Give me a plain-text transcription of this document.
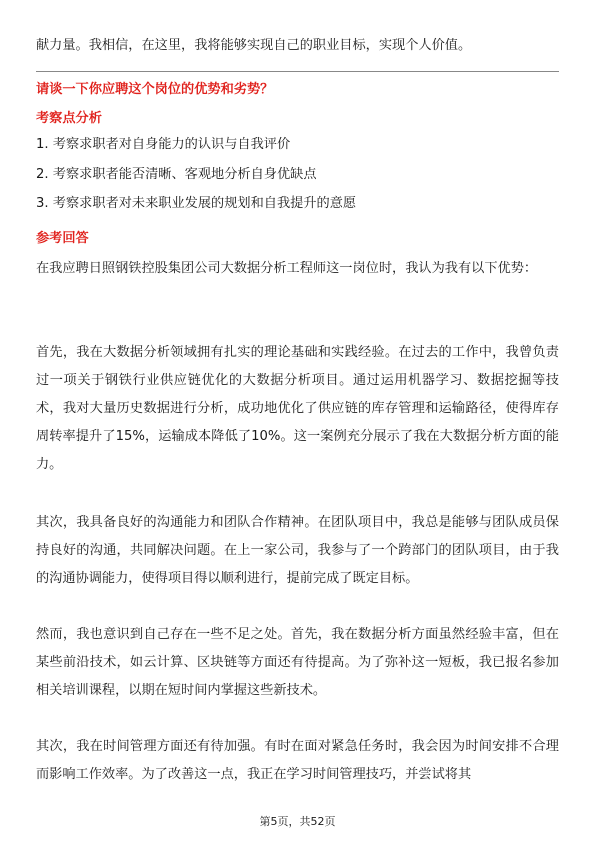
献力量。我相信，在这里，我将能够实现自己的职业目标，实现个人价值。

请谈一下你应聘这个岗位的优势和劣势？

考察点分析

1. 考察求职者对自身能力的认识与自我评价

2. 考察求职者能否清晰、客观地分析自身优缺点

3. 考察求职者对未来职业发展的规划和自我提升的意愿

参考回答

在我应聘日照钢铁控股集团公司大数据分析工程师这一岗位时，我认为我有以下优势：

首先，我在大数据分析领域拥有扎实的理论基础和实践经验。在过去的工作中，我曾负责过一项关于钢铁行业供应链优化的大数据分析项目。通过运用机器学习、数据挖掘等技术，我对大量历史数据进行分析，成功地优化了供应链的库存管理和运输路径，使得库存周转率提升了15%，运输成本降低了10%。这一案例充分展示了我在大数据分析方面的能力。

其次，我具备良好的沟通能力和团队合作精神。在团队项目中，我总是能够与团队成员保持良好的沟通，共同解决问题。在上一家公司，我参与了一个跨部门的团队项目，由于我的沟通协调能力，使得项目得以顺利进行，提前完成了既定目标。

然而，我也意识到自己存在一些不足之处。首先，我在数据分析方面虽然经验丰富，但在某些前沿技术，如云计算、区块链等方面还有待提高。为了弥补这一短板，我已报名参加相关培训课程，以期在短时间内掌握这些新技术。

其次，我在时间管理方面还有待加强。有时在面对紧急任务时，我会因为时间安排不合理而影响工作效率。为了改善这一点，我正在学习时间管理技巧，并尝试将其

第5页，共52页
